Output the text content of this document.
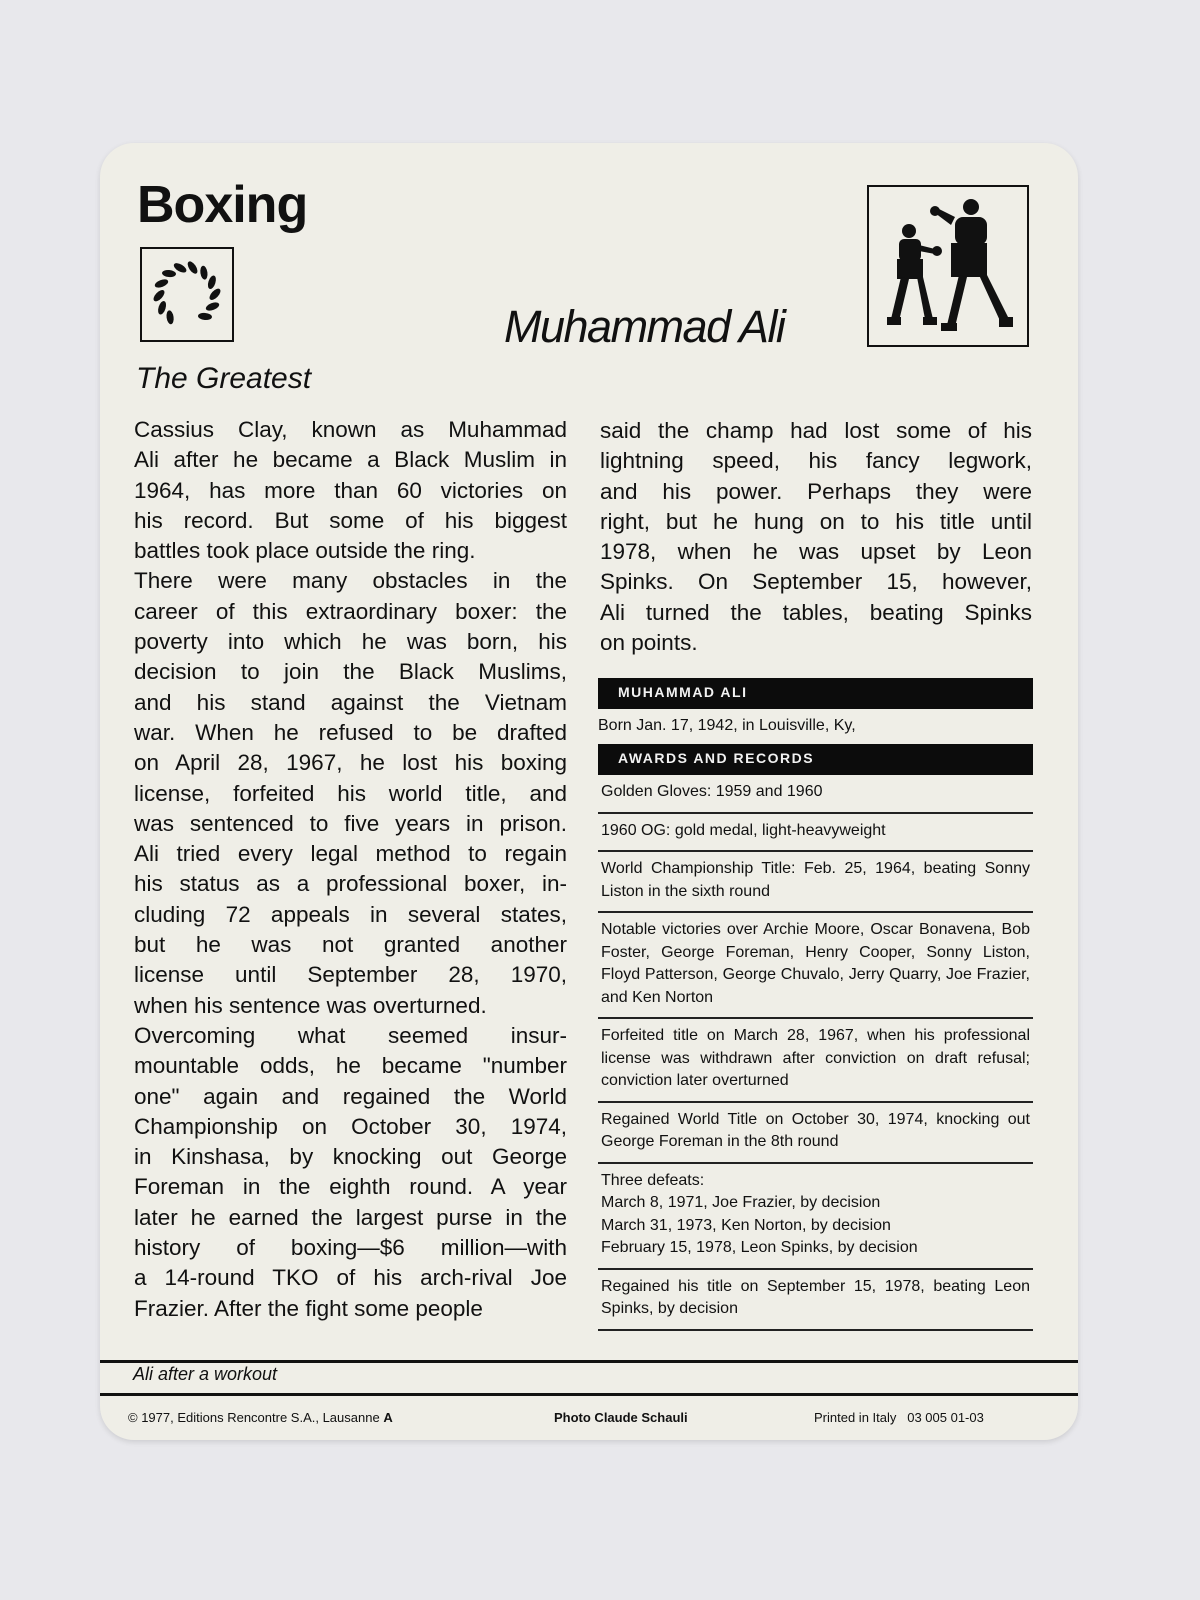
Boxing
Muhammad Ali
The Greatest
Cassius Clay, known as Muhammad
Ali after he became a Black Muslim in
1964, has more than 60 victories on
his record. But some of his biggest
battles took place outside the ring.
There were many obstacles in the
career of this extraordinary boxer: the
poverty into which he was born, his
decision to join the Black Muslims,
and his stand against the Vietnam
war. When he refused to be drafted
on April 28, 1967, he lost his boxing
license, forfeited his world title, and
was sentenced to five years in prison.
Ali tried every legal method to regain
his status as a professional boxer, in-
cluding 72 appeals in several states,
but he was not granted another
license until September 28, 1970,
when his sentence was overturned.
Overcoming what seemed insur-
mountable odds, he became "number
one" again and regained the World
Championship on October 30, 1974,
in Kinshasa, by knocking out George
Foreman in the eighth round. A year
later he earned the largest purse in the
history of boxing—$6 million—with
a 14-round TKO of his arch-rival Joe
Frazier. After the fight some people
said the champ had lost some of his
lightning speed, his fancy legwork,
and his power. Perhaps they were
right, but he hung on to his title until
1978, when he was upset by Leon
Spinks. On September 15, however,
Ali turned the tables, beating Spinks
on points.
MUHAMMAD ALI
Born Jan. 17, 1942, in Louisville, Ky,
AWARDS AND RECORDS
Golden Gloves: 1959 and 1960
1960 OG: gold medal, light-heavyweight
World Championship Title: Feb. 25, 1964, beating Sonny Liston in the sixth round
Notable victories over Archie Moore, Oscar Bonavena, Bob Foster, George Foreman, Henry Cooper, Sonny Liston, Floyd Patterson, George Chuvalo, Jerry Quarry, Joe Frazier, and Ken Norton
Forfeited title on March 28, 1967, when his professional license was withdrawn after conviction on draft refusal; conviction later overturned
Regained World Title on October 30, 1974, knocking out George Foreman in the 8th round
Three defeats:
March 8, 1971, Joe Frazier, by decision
March 31, 1973, Ken Norton, by decision
February 15, 1978, Leon Spinks, by decision
Regained his title on September 15, 1978, beating Leon Spinks, by decision
Ali after a workout
© 1977, Editions Rencontre S.A., Lausanne A	Photo Claude Schauli	Printed in Italy 03 005 01-03
